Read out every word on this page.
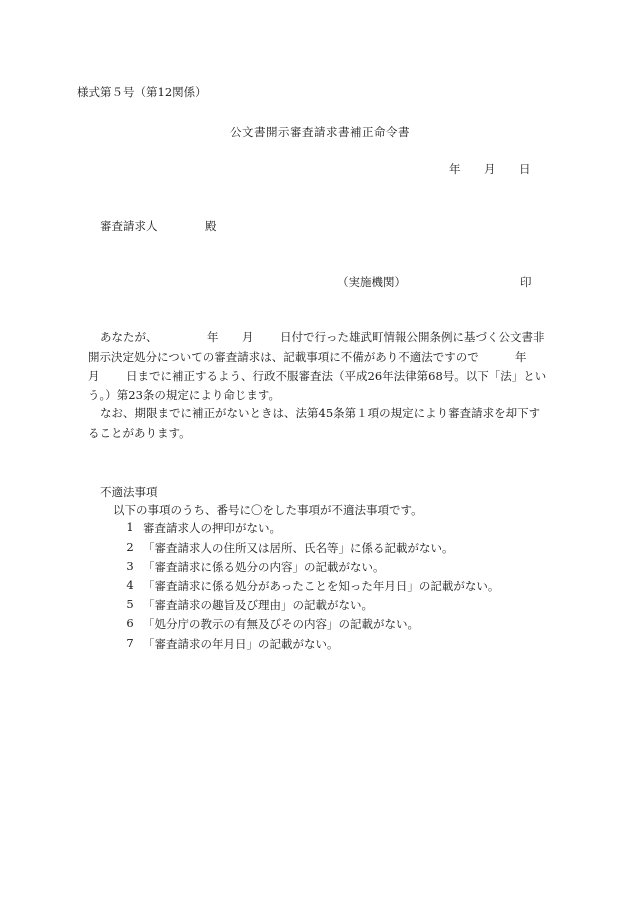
様式第５号（第12関係）
公文書開示審査請求書補正命令書
年 月 日
審査請求人	殿
（実施機関）	印
あなたが、	年 月 日付で行った雄武町情報公開条例に基づく公文書非
開示決定処分についての審査請求は、記載事項に不備があり不適法ですので	年
月 日までに補正するよう、行政不服審査法（平成26年法律第68号。以下「法」とい
う。）第23条の規定により命じます。
なお、期限までに補正がないときは、法第45条第１項の規定により審査請求を却下す
ることがあります。
不適法事項
以下の事項のうち、番号に〇をした事項が不適法事項です。
1 審査請求人の押印がない。
2 「審査請求人の住所又は居所、氏名等」に係る記載がない。
3 「審査請求に係る処分の内容」の記載がない。
4 「審査請求に係る処分があったことを知った年月日」の記載がない。
5 「審査請求の趣旨及び理由」の記載がない。
6 「処分庁の教示の有無及びその内容」の記載がない。
7 「審査請求の年月日」の記載がない。
